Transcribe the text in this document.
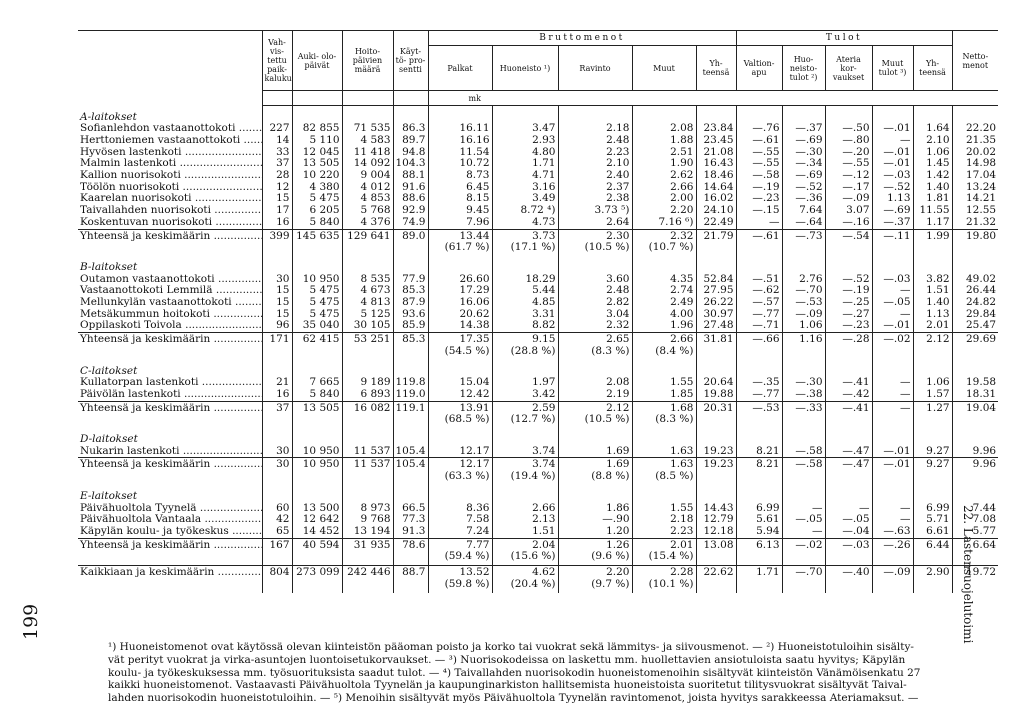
199	22. Lastensuojelutoimi
	Vah- vis- tettu paik- kaluku	Auki- olo- päivät	Hoito- päivien määrä	Käyt- tö- pro- sentti	Bruttomenot					Tulot					Netto- menot
					Palkat	Huoneisto ¹)	Ravinto	Muut	Yh- teensä	Valtion- apu	Huo- neisto- tulot ²)	Ateria kor- vaukset	Muut tulot ³)	Yh- teensä	
					mk										
A-laitokset															
Sofianlehdon vastaanottokoti .....	227	82 855	71 535	86.3	16.11	3.47	2.18	2.08	23.84	—.76	—.37	—.50	—.01	1.64	22.20
Herttoniemen vastaanottokoti .....	14	5 110	4 583	89.7	16.16	2.93	2.48	1.88	23.45	—.61	—.69	—.80	—	2.10	21.35
Hyvösen lastenkoti .....	33	12 045	11 418	94.8	11.54	4.80	2.23	2.51	21.08	—.55	—.30	—.20	—.01	1.06	20.02
Malmin lastenkoti .....	37	13 505	14 092	104.3	10.72	1.71	2.10	1.90	16.43	—.55	—.34	—.55	—.01	1.45	14.98
Kallion nuorisokoti .....	28	10 220	9 004	88.1	8.73	4.71	2.40	2.62	18.46	—.58	—.69	—.12	—.03	1.42	17.04
Töölön nuorisokoti .....	12	4 380	4 012	91.6	6.45	3.16	2.37	2.66	14.64	—.19	—.52	—.17	—.52	1.40	13.24
Kaarelan nuorisokoti .....	15	5 475	4 853	88.6	8.15	3.49	2.38	2.00	16.02	—.23	—.36	—.09	1.13	1.81	14.21
Taivallahden nuorisokoti .....	17	6 205	5 768	92.9	9.45	8.72 ⁴)	3.73 ⁵)	2.20	24.10	—.15	7.64	3.07	—.69	11.55	12.55
Koskentuvan nuorisokoti .....	16	5 840	4 376	74.9	7.96	4.73	2.64	7.16 ⁶)	22.49	—	—.64	—.16	—.37	1.17	21.32
Yhteensä ja keskimäärin .....	399	145 635	129 641	89.0	13.44	3.73	2.30	2.32	21.79	—.61	—.73	—.54	—.11	1.99	19.80
					(61.7 %)	(17.1 %)	(10.5 %)	(10.7 %)							
B-laitokset															
Outamon vastaanottokoti .....	30	10 950	8 535	77.9	26.60	18.29	3.60	4.35	52.84	—.51	2.76	—.52	—.03	3.82	49.02
Vastaanottokoti Lemmilä .....	15	5 475	4 673	85.3	17.29	5.44	2.48	2.74	27.95	—.62	—.70	—.19	—	1.51	26.44
Mellunkylän vastaanottokoti .....	15	5 475	4 813	87.9	16.06	4.85	2.82	2.49	26.22	—.57	—.53	—.25	—.05	1.40	24.82
Metsäkummun hoitokoti .....	15	5 475	5 125	93.6	20.62	3.31	3.04	4.00	30.97	—.77	—.09	—.27	—	1.13	29.84
Oppilaskoti Toivola .....	96	35 040	30 105	85.9	14.38	8.82	2.32	1.96	27.48	—.71	1.06	—.23	—.01	2.01	25.47
Yhteensä ja keskimäärin .....	171	62 415	53 251	85.3	17.35	9.15	2.65	2.66	31.81	—.66	1.16	—.28	—.02	2.12	29.69
					(54.5 %)	(28.8 %)	(8.3 %)	(8.4 %)							
C-laitokset															
Kullatorpan lastenkoti .....	21	7 665	9 189	119.8	15.04	1.97	2.08	1.55	20.64	—.35	—.30	—.41	—	1.06	19.58
Päivölän lastenkoti .....	16	5 840	6 893	119.0	12.42	3.42	2.19	1.85	19.88	—.77	—.38	—.42	—	1.57	18.31
Yhteensä ja keskimäärin .....	37	13 505	16 082	119.1	13.91	2.59	2.12	1.68	20.31	—.53	—.33	—.41	—	1.27	19.04
					(68.5 %)	(12.7 %)	(10.5 %)	(8.3 %)							
D-laitokset															
Nukarin lastenkoti .....	30	10 950	11 537	105.4	12.17	3.74	1.69	1.63	19.23	8.21	—.58	—.47	—.01	9.27	9.96
Yhteensä ja keskimäärin .....	30	10 950	11 537	105.4	12.17	3.74	1.69	1.63	19.23	8.21	—.58	—.47	—.01	9.27	9.96
					(63.3 %)	(19.4 %)	(8.8 %)	(8.5 %)							
E-laitokset															
Päivähuoltola Tyynelä .....	60	13 500	8 973	66.5	8.36	2.66	1.86	1.55	14.43	6.99	—	—	—	6.99	7.44
Päivähuoltola Vantaala .....	42	12 642	9 768	77.3	7.58	2.13	—.90	2.18	12.79	5.61	—.05	—.05	—	5.71	7.08
Käpylän koulu- ja työkeskus .....	65	14 452	13 194	91.3	7.24	1.51	1.20	2.23	12.18	5.94	—	—.04	—.63	6.61	5.77
Yhteensä ja keskimäärin .....	167	40 594	31 935	78.6	7.77	2.04	1.26	2.01	13.08	6.13	—.02	—.03	—.26	6.44	6.64
					(59.4 %)	(15.6 %)	(9.6 %)	(15.4 %)							
Kaikkiaan ja keskimäärin .....	804	273 099	242 446	88.7	13.52	4.62	2.20	2.28	22.62	1.71	—.70	—.40	—.09	2.90	19.72
					(59.8 %)	(20.4 %)	(9.7 %)	(10.1 %)							

¹) Huoneistomenot ovat käytössä olevan kiinteistön pääoman poisto ja korko tai vuokrat sekä lämmitys- ja siivousmenot. — ²) Huoneistotuloihin sisälty-

vät perityt vuokrat ja virka-asuntojen luontoisetukorvaukset. — ³) Nuorisokodeissa on laskettu mm. huollettavien ansiotuloista saatu hyvitys; Käpylän

koulu- ja työkeskuksessa mm. työsuorituksista saadut tulot. — ⁴) Taivallahden nuorisokodin huoneistomenoihin sisältyvät kiinteistön Vänämöisenkatu 27

kaikki huoneistomenot. Vastaavasti Päivähuoltola Tyynelän ja kaupunginarkiston hallitsemista huoneistoista suoritetut tilitysvuokrat sisältyvät Taival-

lahden nuorisokodin huoneistotuloihin. — ⁵) Menoihin sisältyvät myös Päivähuoltola Tyynelän ravintomenot, joista hyvitys sarakkeessa Ateriamaksut. —
